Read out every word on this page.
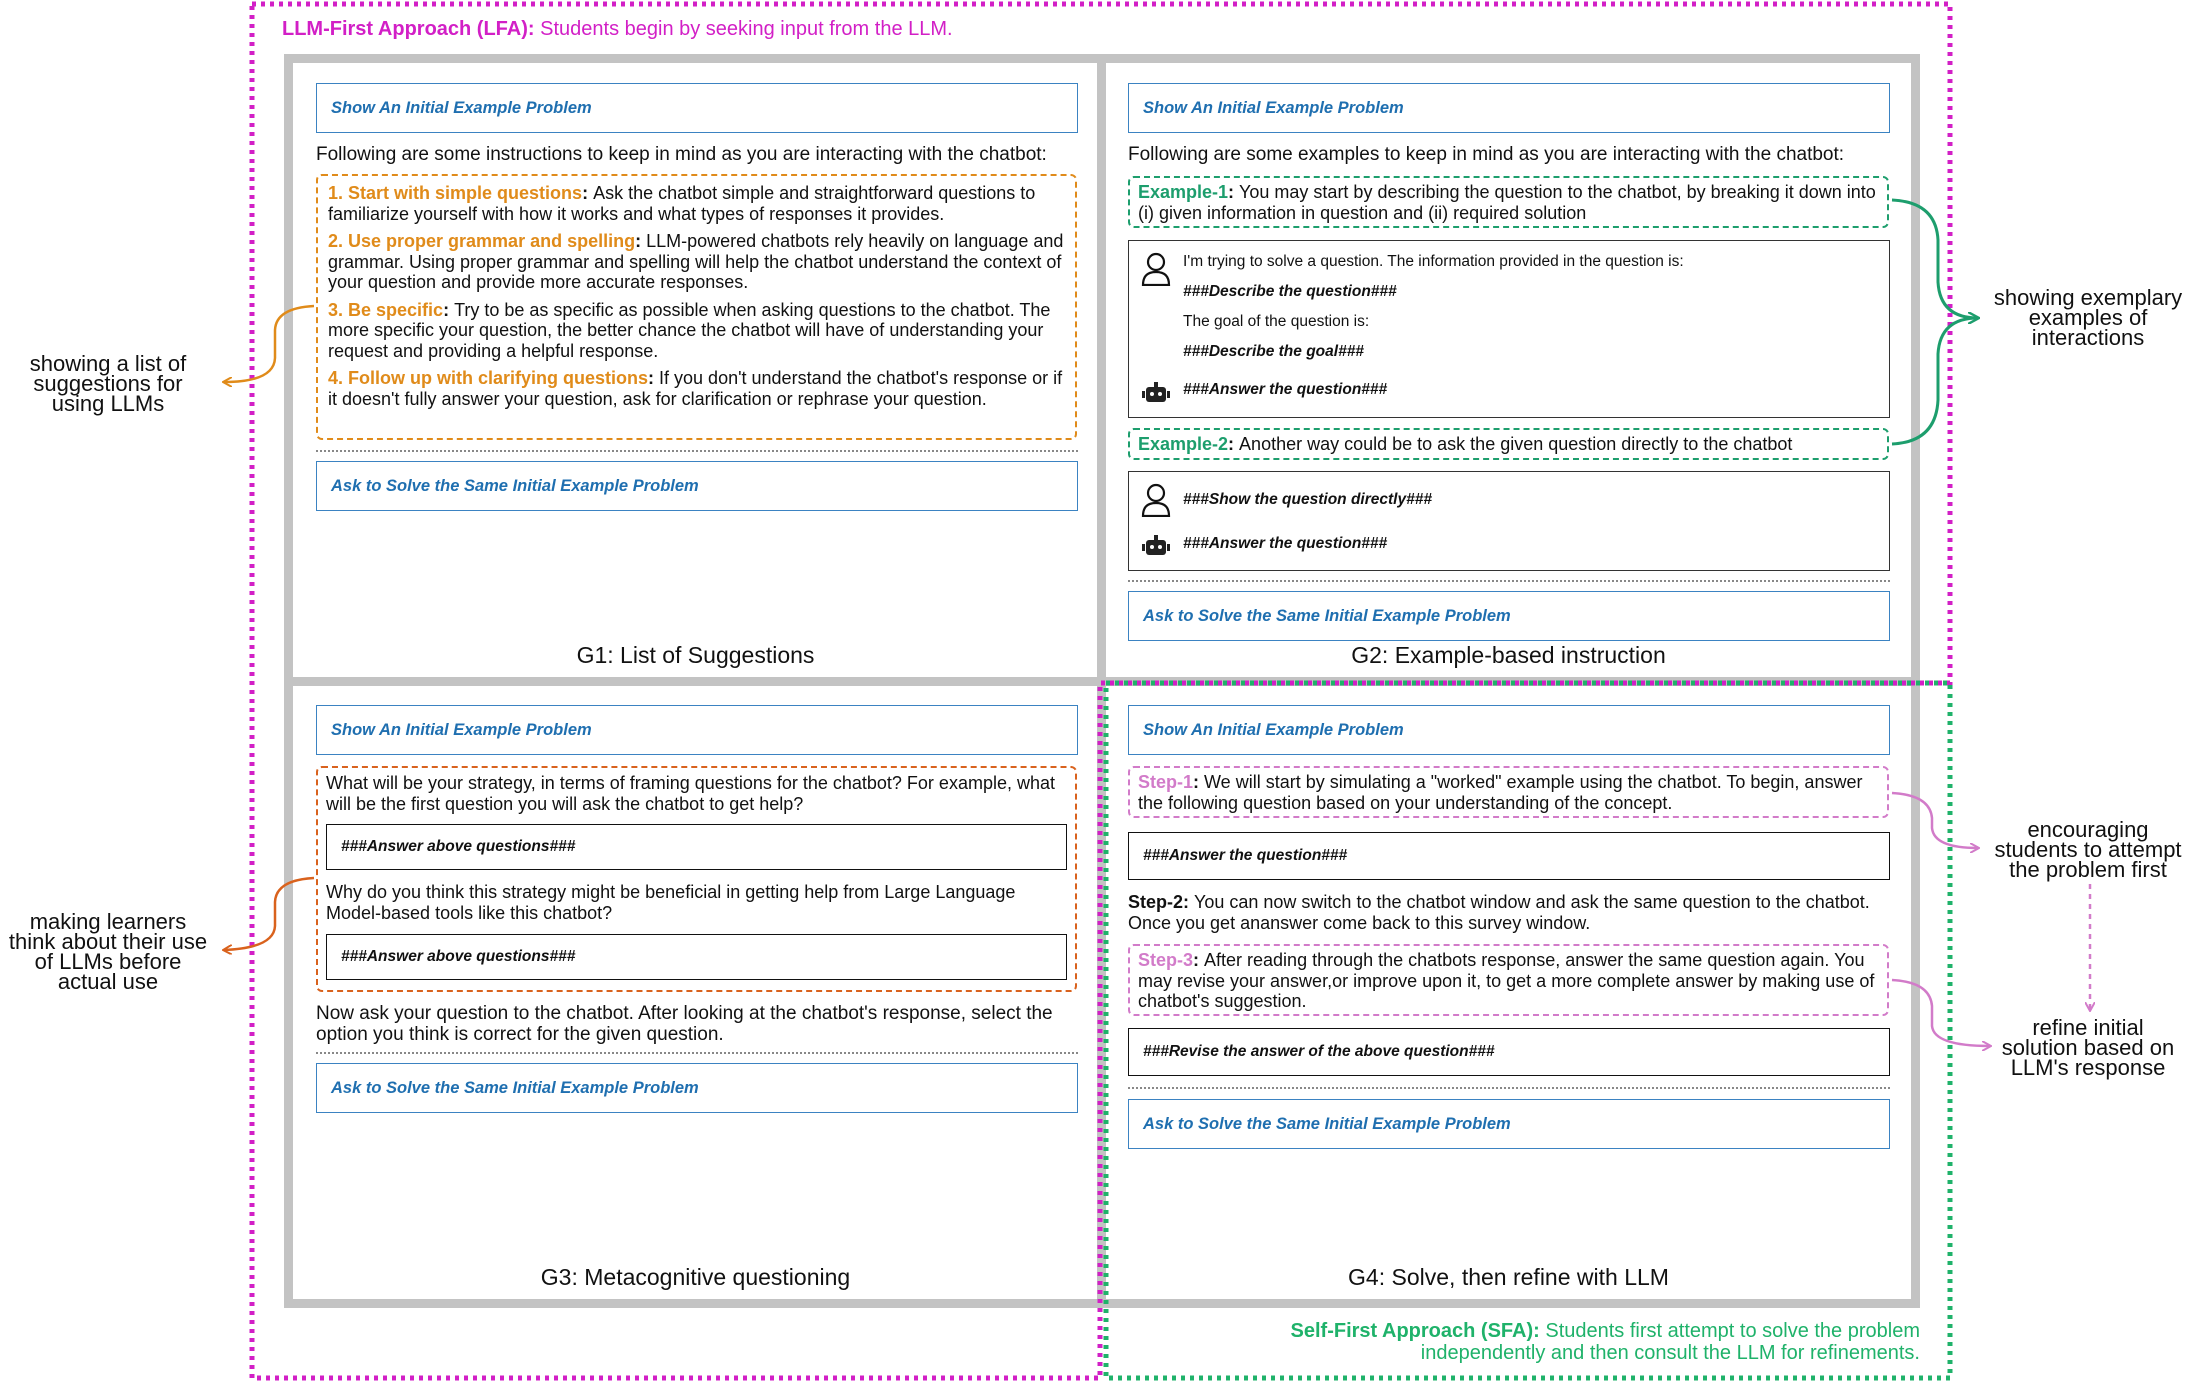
LLM-First Approach (LFA): Students begin by seeking input from the LLM.
Show An Initial Example Problem
Following are some instructions to keep in mind as you are interacting with the chatbot:
1. Start with simple questions: Ask the chatbot simple and straightforward questions to familiarize yourself with how it works and what types of responses it provides.
2. Use proper grammar and spelling: LLM-powered chatbots rely heavily on language and grammar. Using proper grammar and spelling will help the chatbot understand the context of your question and provide more accurate responses.
3. Be specific: Try to be as specific as possible when asking questions to the chatbot. The more specific your question, the better chance the chatbot will have of understanding your request and providing a helpful response.
4. Follow up with clarifying questions: If you don't understand the chatbot's response or if it doesn't fully answer your question, ask for clarification or rephrase your question.
Ask to Solve the Same Initial Example Problem
G1: List of Suggestions
Show An Initial Example Problem
Following are some examples to keep in mind as you are interacting with the chatbot:
Example-1: You may start by describing the question to the chatbot, by breaking it down into (i) given information in question and (ii) required solution
I'm trying to solve a question. The information provided in the question is:
###Describe the question###
The goal of the question is:
###Describe the goal###
###Answer the question###
Example-2: Another way could be to ask the given question directly to the chatbot
###Show the question directly###
###Answer the question###
Ask to Solve the Same Initial Example Problem
G2: Example-based instruction
Show An Initial Example Problem
What will be your strategy, in terms of framing questions for the chatbot? For example, what will be the first question you will ask the chatbot to get help?
###Answer above questions###
Why do you think this strategy might be beneficial in getting help from Large Language Model-based tools like this chatbot?
###Answer above questions###
Now ask your question to the chatbot. After looking at the chatbot's response, select the option you think is correct for the given question.
Ask to Solve the Same Initial Example Problem
G3: Metacognitive questioning
Show An Initial Example Problem
Step-1: We will start by simulating a "worked" example using the chatbot. To begin, answer the following question based on your understanding of the concept.
###Answer the question###
Step-2: You can now switch to the chatbot window and ask the same question to the chatbot. Once you get ananswer come back to this survey window.
Step-3: After reading through the chatbots response, answer the same question again. You may revise your answer,or improve upon it, to get a more complete answer by making use of chatbot's suggestion.
###Revise the answer of the above question###
Ask to Solve the Same Initial Example Problem
G4: Solve, then refine with LLM
Self-First Approach (SFA): Students first attempt to solve the problem
independently and then consult the LLM for refinements.
showing a list of
suggestions for
using LLMs
making learners
think about their use
of LLMs before
actual use
showing exemplary
examples of
interactions
encouraging
students to attempt
the problem first
refine initial
solution based on
LLM's response
